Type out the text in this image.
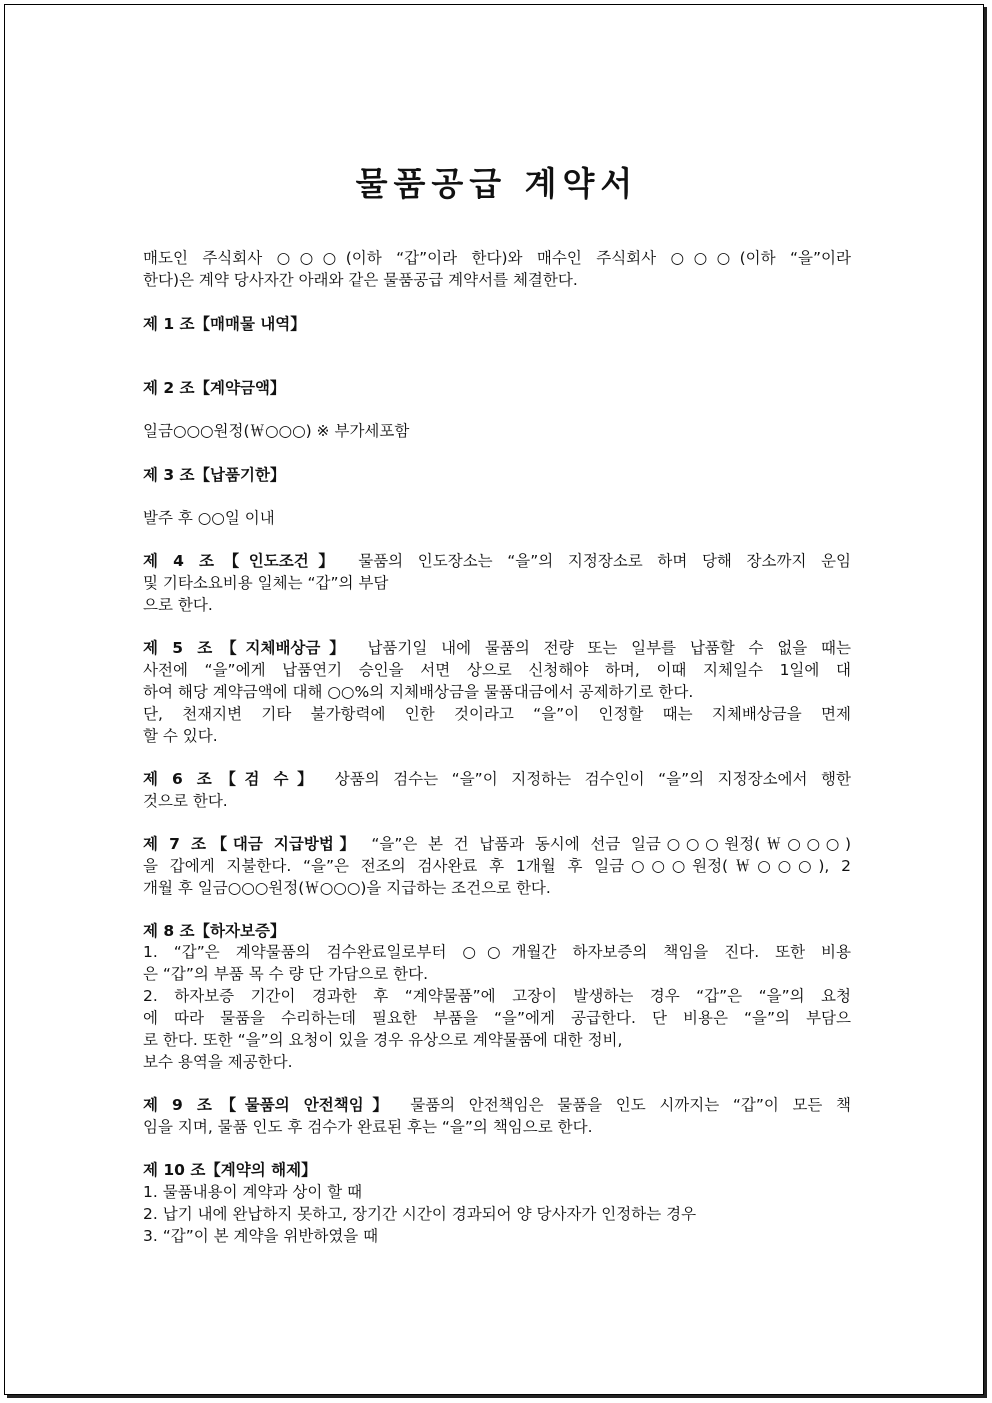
물품공급 계약서
매도인 주식회사 ○○○(이하 “갑”이라 한다)와 매수인 주식회사 ○○○(이하 “을”이라
한다)은 계약 당사자간 아래와 같은 물품공급 계약서를 체결한다.
제 1 조【매매물 내역】
제 2 조【계약금액】
일금○○○원정(￦○○○) ※ 부가세포함
제 3 조【납품기한】
발주 후 ○○일 이내
제 4 조【인도조건】 물품의 인도장소는 “을”의 지정장소로 하며 당해 장소까지 운임
및 기타소요비용 일체는 “갑”의 부담
으로 한다.
제 5 조【지체배상금】 납품기일 내에 물품의 전량 또는 일부를 납품할 수 없을 때는
사전에 “을”에게 납품연기 승인을 서면 상으로 신청해야 하며, 이때 지체일수 1일에 대
하여 해당 계약금액에 대해 ○○%의 지체배상금을 물품대금에서 공제하기로 한다.
단, 천재지변 기타 불가항력에 인한 것이라고 “을”이 인정할 때는 지체배상금을 면제
할 수 있다.
제 6 조【검 수】 상품의 검수는 “을”이 지정하는 검수인이 “을”의 지정장소에서 행한
것으로 한다.
제 7 조【대금 지급방법】 “을”은 본 건 납품과 동시에 선금 일금○○○원정(￦○○○)
을 갑에게 지불한다. “을”은 전조의 검사완료 후 1개월 후 일금○○○원정(￦○○○), 2
개월 후 일금○○○원정(￦○○○)을 지급하는 조건으로 한다.
제 8 조【하자보증】
1. “갑”은 계약물품의 검수완료일로부터 ○○개월간 하자보증의 책임을 진다. 또한 비용
은 “갑”의 부품 목 수 량 단 가담으로 한다.
2. 하자보증 기간이 경과한 후 “계약물품”에 고장이 발생하는 경우 “갑”은 “을”의 요청
에 따라 물품을 수리하는데 필요한 부품을 “을”에게 공급한다. 단 비용은 “을”의 부담으
로 한다. 또한 “을”의 요청이 있을 경우 유상으로 계약물품에 대한 정비,
보수 용역을 제공한다.
제 9 조【물품의 안전책임】 물품의 안전책임은 물품을 인도 시까지는 “갑”이 모든 책
임을 지며, 물품 인도 후 검수가 완료된 후는 “을”의 책임으로 한다.
제 10 조【계약의 해제】
1. 물품내용이 계약과 상이 할 때
2. 납기 내에 완납하지 못하고, 장기간 시간이 경과되어 양 당사자가 인정하는 경우
3. “갑”이 본 계약을 위반하였을 때
